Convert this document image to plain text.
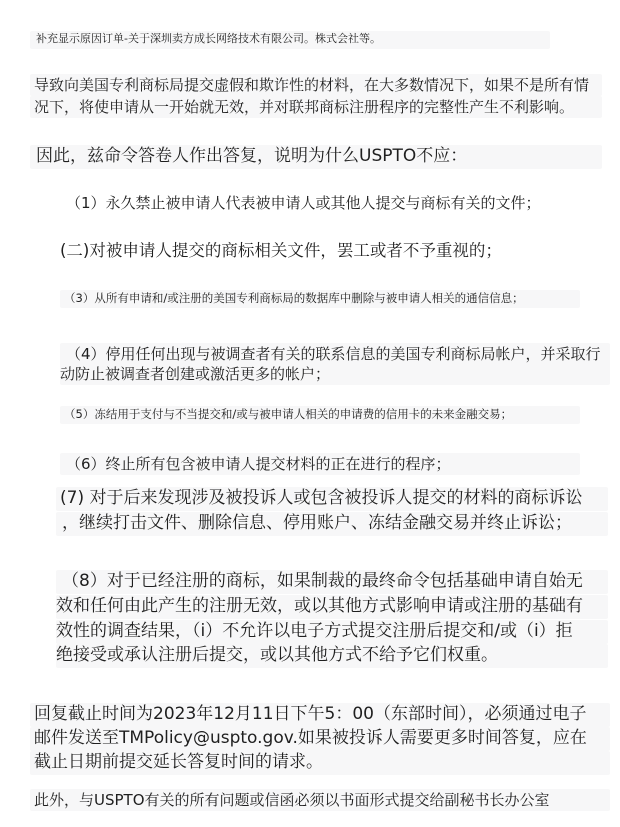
补充显示原因订单-关于深圳卖方成长网络技术有限公司。株式会社等。
导致向美国专利商标局提交虚假和欺诈性的材料，在大多数情况下，如果不是所有情
况下，将使申请从一开始就无效，并对联邦商标注册程序的完整性产生不利影响。
因此，兹命令答卷人作出答复，说明为什么USPTO不应：
（1）永久禁止被申请人代表被申请人或其他人提交与商标有关的文件；
(二)对被申请人提交的商标相关文件，罢工或者不予重视的；
（3）从所有申请和/或注册的美国专利商标局的数据库中删除与被申请人相关的通信信息；
（4）停用任何出现与被调查者有关的联系信息的美国专利商标局帐户，并采取行
动防止被调查者创建或激活更多的帐户；
（5）冻结用于支付与不当提交和/或与被申请人相关的申请费的信用卡的未来金融交易；
（6）终止所有包含被申请人提交材料的正在进行的程序；
(7) 对于后来发现涉及被投诉人或包含被投诉人提交的材料的商标诉讼
，继续打击文件、删除信息、停用账户、冻结金融交易并终止诉讼；
（8）对于已经注册的商标，如果制裁的最终命令包括基础申请自始无
效和任何由此产生的注册无效，或以其他方式影响申请或注册的基础有
效性的调查结果，（i）不允许以电子方式提交注册后提交和/或（i）拒
绝接受或承认注册后提交，或以其他方式不给予它们权重。
回复截止时间为2023年12月11日下午5：00（东部时间），必须通过电子
邮件发送至TMPolicy@uspto.gov.如果被投诉人需要更多时间答复，应在
截止日期前提交延长答复时间的请求。
此外，与USPTO有关的所有问题或信函必须以书面形式提交给副秘书长办公室
